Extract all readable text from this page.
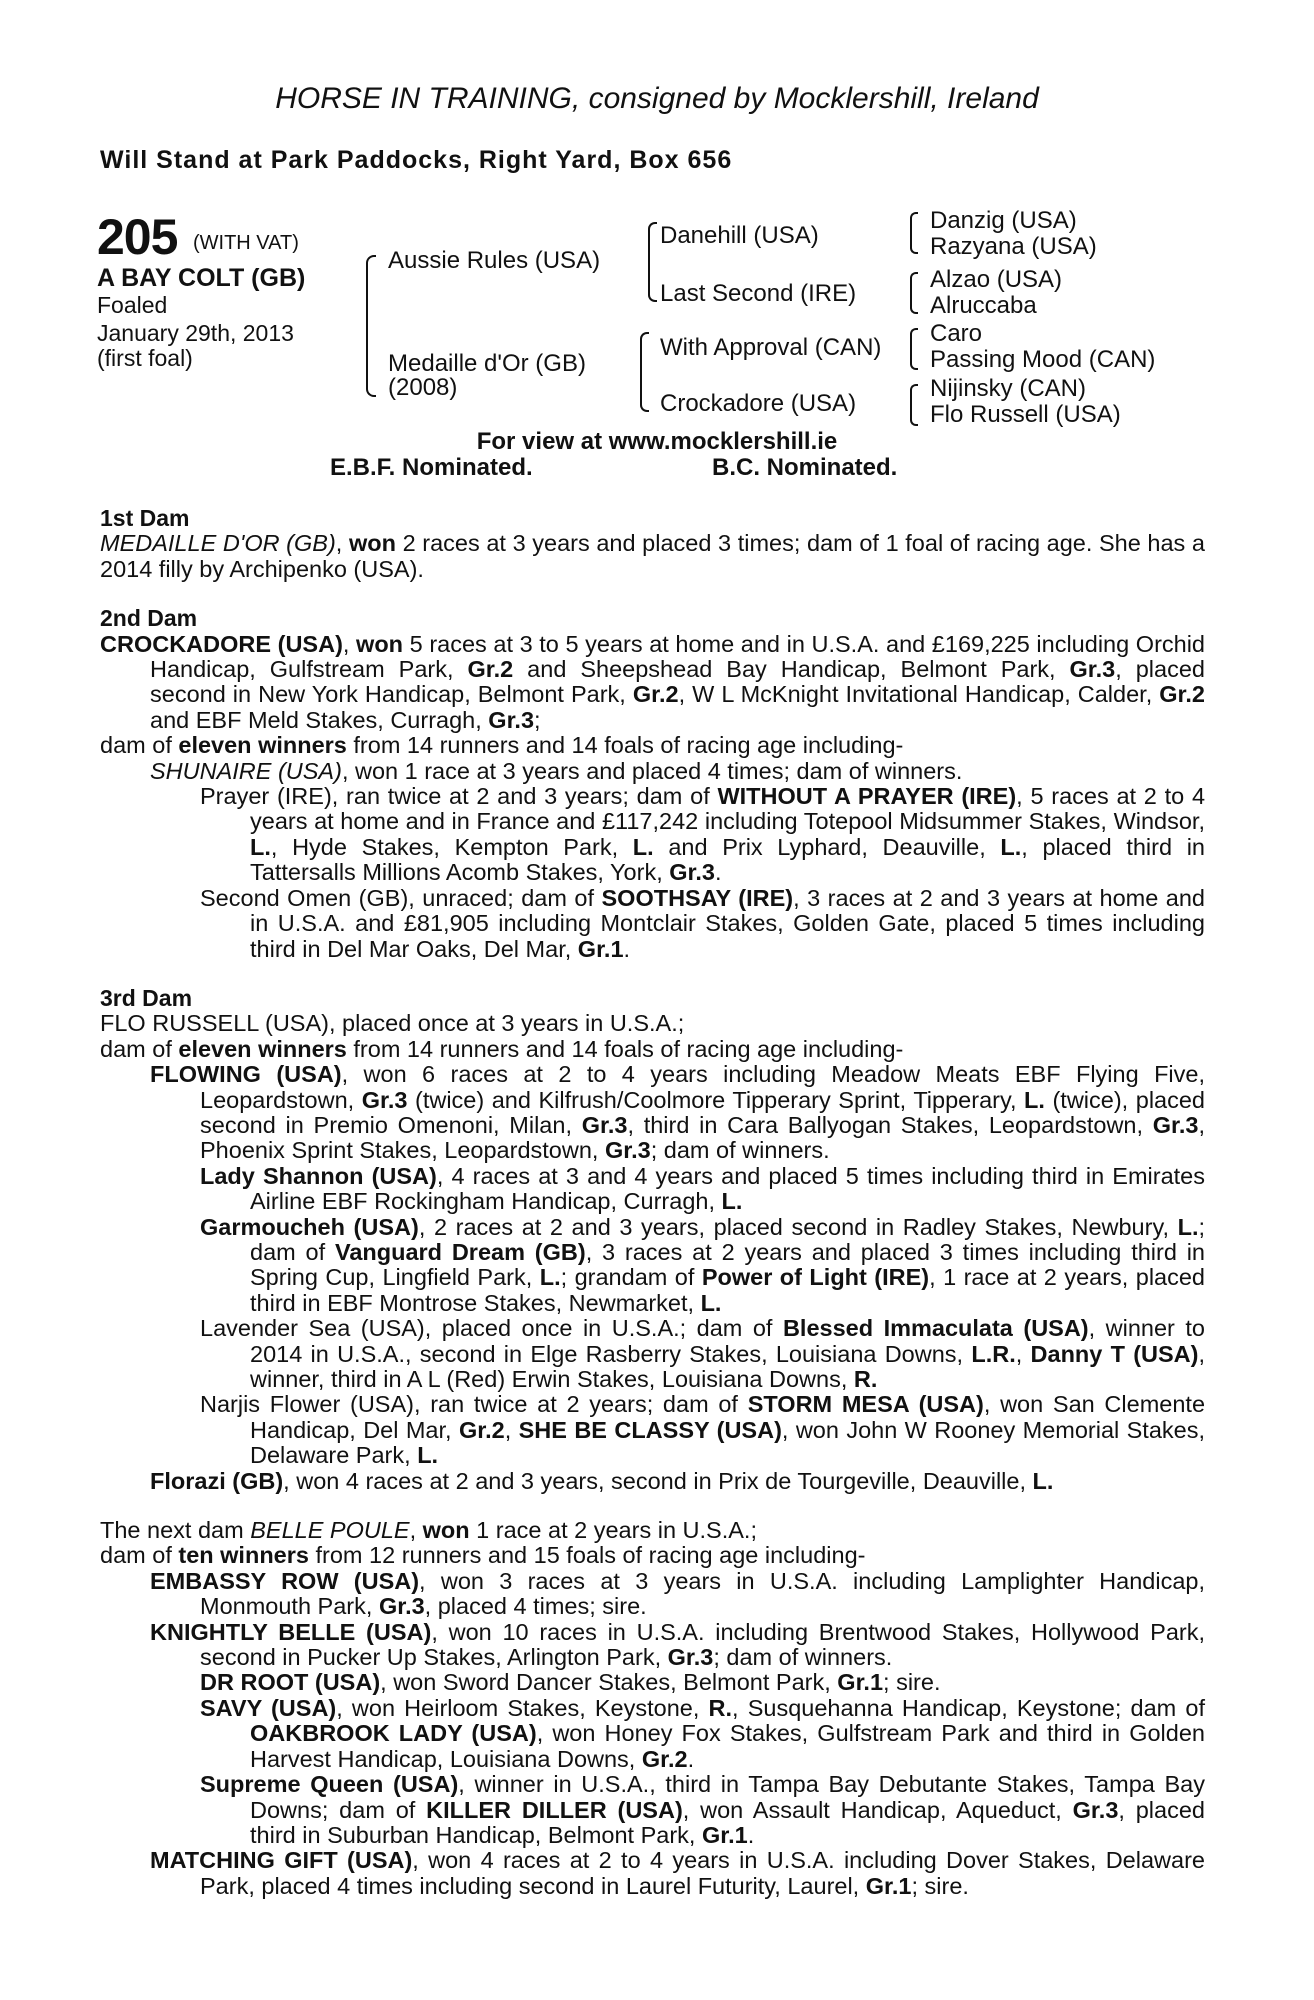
HORSE IN TRAINING, consigned by Mocklershill, Ireland
Will Stand at Park Paddocks, Right Yard, Box 656
205 (WITH VAT)
A BAY COLT (GB)
Foaled
January 29th, 2013
(first foal)
Aussie Rules (USA)
Medaille d'Or (GB)
(2008)
Danehill (USA)
Last Second (IRE)
With Approval (CAN)
Crockadore (USA)
Danzig (USA)
Razyana (USA)
Alzao (USA)
Alruccaba
Caro
Passing Mood (CAN)
Nijinsky (CAN)
Flo Russell (USA)
For view at www.mocklershill.ie
E.B.F. Nominated.	B.C. Nominated.
1st Dam
MEDAILLE D'OR (GB), won 2 races at 3 years and placed 3 times; dam of 1 foal of racing age. She has a 2014 filly by Archipenko (USA).
2nd Dam
CROCKADORE (USA), won 5 races at 3 to 5 years at home and in U.S.A. and £169,225 including Orchid Handicap, Gulfstream Park, Gr.2 and Sheepshead Bay Handicap, Belmont Park, Gr.3, placed second in New York Handicap, Belmont Park, Gr.2, W L McKnight Invitational Handicap, Calder, Gr.2 and EBF Meld Stakes, Curragh, Gr.3;
dam of eleven winners from 14 runners and 14 foals of racing age including-
SHUNAIRE (USA), won 1 race at 3 years and placed 4 times; dam of winners.
Prayer (IRE), ran twice at 2 and 3 years; dam of WITHOUT A PRAYER (IRE), 5 races at 2 to 4 years at home and in France and £117,242 including Totepool Midsummer Stakes, Windsor, L., Hyde Stakes, Kempton Park, L. and Prix Lyphard, Deauville, L., placed third in Tattersalls Millions Acomb Stakes, York, Gr.3.
Second Omen (GB), unraced; dam of SOOTHSAY (IRE), 3 races at 2 and 3 years at home and in U.S.A. and £81,905 including Montclair Stakes, Golden Gate, placed 5 times including third in Del Mar Oaks, Del Mar, Gr.1.
3rd Dam
FLO RUSSELL (USA), placed once at 3 years in U.S.A.;
dam of eleven winners from 14 runners and 14 foals of racing age including-
FLOWING (USA), won 6 races at 2 to 4 years including Meadow Meats EBF Flying Five, Leopardstown, Gr.3 (twice) and Kilfrush/Coolmore Tipperary Sprint, Tipperary, L. (twice), placed second in Premio Omenoni, Milan, Gr.3, third in Cara Ballyogan Stakes, Leopardstown, Gr.3, Phoenix Sprint Stakes, Leopardstown, Gr.3; dam of winners.
Lady Shannon (USA), 4 races at 3 and 4 years and placed 5 times including third in Emirates Airline EBF Rockingham Handicap, Curragh, L.
Garmoucheh (USA), 2 races at 2 and 3 years, placed second in Radley Stakes, Newbury, L.; dam of Vanguard Dream (GB), 3 races at 2 years and placed 3 times including third in Spring Cup, Lingfield Park, L.; grandam of Power of Light (IRE), 1 race at 2 years, placed third in EBF Montrose Stakes, Newmarket, L.
Lavender Sea (USA), placed once in U.S.A.; dam of Blessed Immaculata (USA), winner to 2014 in U.S.A., second in Elge Rasberry Stakes, Louisiana Downs, L.R., Danny T (USA), winner, third in A L (Red) Erwin Stakes, Louisiana Downs, R.
Narjis Flower (USA), ran twice at 2 years; dam of STORM MESA (USA), won San Clemente Handicap, Del Mar, Gr.2, SHE BE CLASSY (USA), won John W Rooney Memorial Stakes, Delaware Park, L.
Florazi (GB), won 4 races at 2 and 3 years, second in Prix de Tourgeville, Deauville, L.
The next dam BELLE POULE, won 1 race at 2 years in U.S.A.;
dam of ten winners from 12 runners and 15 foals of racing age including-
EMBASSY ROW (USA), won 3 races at 3 years in U.S.A. including Lamplighter Handicap, Monmouth Park, Gr.3, placed 4 times; sire.
KNIGHTLY BELLE (USA), won 10 races in U.S.A. including Brentwood Stakes, Hollywood Park, second in Pucker Up Stakes, Arlington Park, Gr.3; dam of winners.
DR ROOT (USA), won Sword Dancer Stakes, Belmont Park, Gr.1; sire.
SAVY (USA), won Heirloom Stakes, Keystone, R., Susquehanna Handicap, Keystone; dam of OAKBROOK LADY (USA), won Honey Fox Stakes, Gulfstream Park and third in Golden Harvest Handicap, Louisiana Downs, Gr.2.
Supreme Queen (USA), winner in U.S.A., third in Tampa Bay Debutante Stakes, Tampa Bay Downs; dam of KILLER DILLER (USA), won Assault Handicap, Aqueduct, Gr.3, placed third in Suburban Handicap, Belmont Park, Gr.1.
MATCHING GIFT (USA), won 4 races at 2 to 4 years in U.S.A. including Dover Stakes, Delaware Park, placed 4 times including second in Laurel Futurity, Laurel, Gr.1; sire.
